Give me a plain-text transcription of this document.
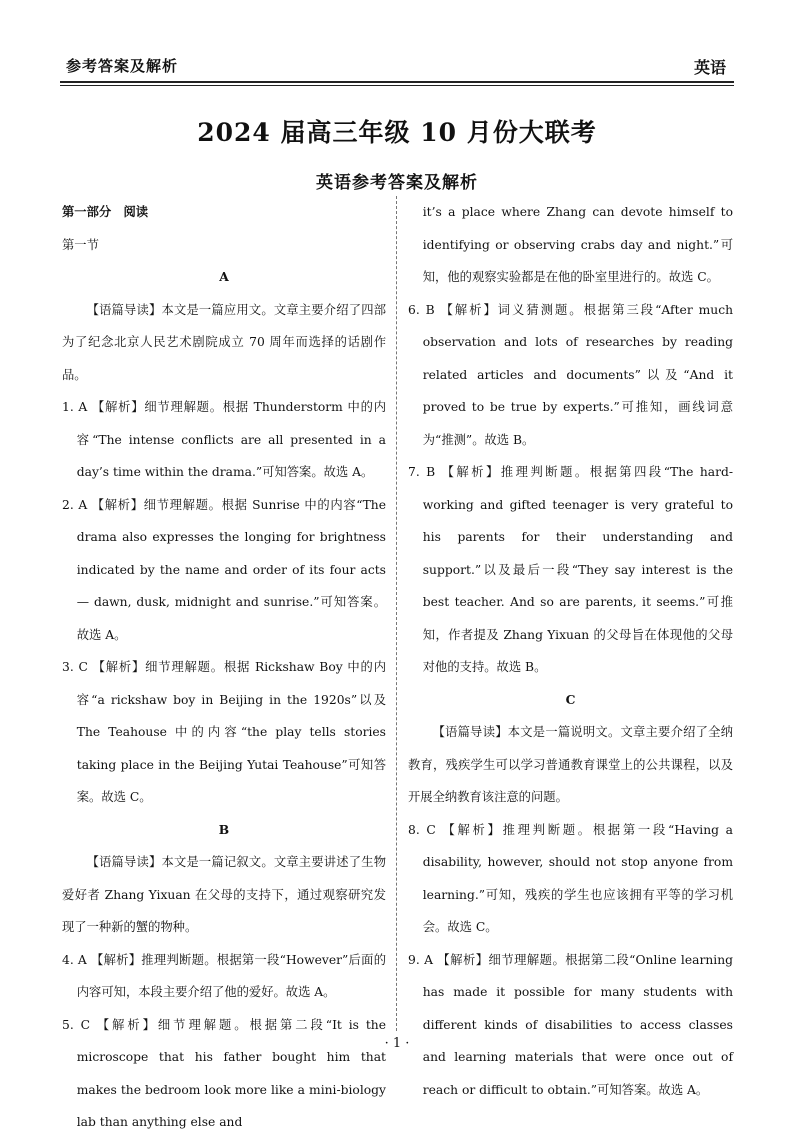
参考答案及解析	英语
2024 届高三年级 10 月份大联考
英语参考答案及解析

第一部分　阅读

第一节

A

【语篇导读】本文是一篇应用文。文章主要介绍了四部为了纪念北京人民艺术剧院成立 70 周年而选择的话剧作品。

1. A 【解析】细节理解题。根据 Thunderstorm 中的内容“The intense conflicts are all presented in a day’s time within the drama.”可知答案。故选 A。

2. A 【解析】细节理解题。根据 Sunrise 中的内容“The drama also expresses the longing for brightness indicated by the name and order of its four acts — dawn, dusk, midnight and sunrise.”可知答案。故选 A。

3. C 【解析】细节理解题。根据 Rickshaw Boy 中的内容“a rickshaw boy in Beijing in the 1920s”以及 The Teahouse 中的内容“the play tells stories taking place in the Beijing Yutai Teahouse”可知答案。故选 C。

B

【语篇导读】本文是一篇记叙文。文章主要讲述了生物爱好者 Zhang Yixuan 在父母的支持下，通过观察研究发现了一种新的蟹的物种。

4. A 【解析】推理判断题。根据第一段“However”后面的内容可知，本段主要介绍了他的爱好。故选 A。

5. C 【解析】细节理解题。根据第二段“It is the microscope that his father bought him that makes the bedroom look more like a mini-biology lab than anything else and

it’s a place where Zhang can devote himself to identifying or observing crabs day and night.”可知，他的观察实验都是在他的卧室里进行的。故选 C。

6. B 【解析】词义猜测题。根据第三段“After much observation and lots of researches by reading related articles and documents”以及“And it proved to be true by experts.”可推知，画线词意为“推测”。故选 B。

7. B 【解析】推理判断题。根据第四段“The hard-working and gifted teenager is very grateful to his parents for their understanding and support.”以及最后一段“They say interest is the best teacher. And so are parents, it seems.”可推知，作者提及 Zhang Yixuan 的父母旨在体现他的父母对他的支持。故选 B。

C

【语篇导读】本文是一篇说明文。文章主要介绍了全纳教育，残疾学生可以学习普通教育课堂上的公共课程，以及开展全纳教育该注意的问题。

8. C 【解析】推理判断题。根据第一段“Having a disability, however, should not stop anyone from learning.”可知，残疾的学生也应该拥有平等的学习机会。故选 C。

9. A 【解析】细节理解题。根据第二段“Online learning has made it possible for many students with different kinds of disabilities to access classes and learning materials that were once out of reach or difficult to obtain.”可知答案。故选 A。

· 1 ·
